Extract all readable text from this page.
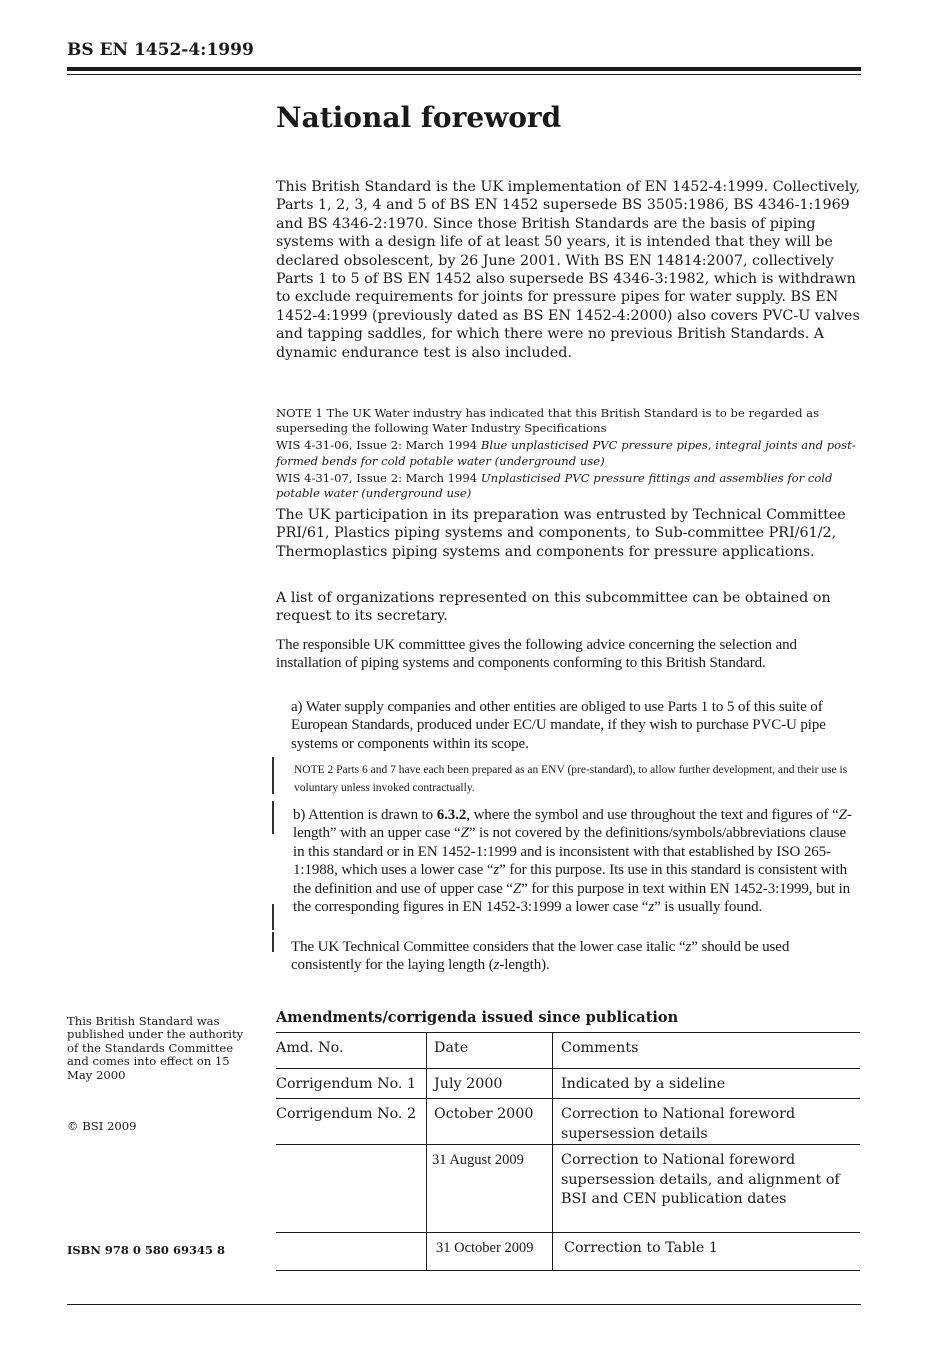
BS EN 1452-4:1999
National foreword

This British Standard is the UK implementation of EN 1452-4:1999. Collectively, Parts 1, 2, 3, 4 and 5 of BS EN 1452 supersede BS 3505:1986, BS 4346-1:1969 and BS 4346-2:1970. Since those British Standards are the basis of piping systems with a design life of at least 50 years, it is intended that they will be declared obsolescent, by 26 June 2001. With BS EN 14814:2007, collectively Parts 1 to 5 of BS EN 1452 also supersede BS 4346-3:1982, which is withdrawn to exclude requirements for joints for pressure pipes for water supply. BS EN 1452-4:1999 (previously dated as BS EN 1452-4:2000) also covers PVC-U valves and tapping saddles, for which there were no previous British Standards. A dynamic endurance test is also included.

NOTE 1 The UK Water industry has indicated that this British Standard is to be regarded as superseding the following Water Industry Specifications

WIS 4-31-06, Issue 2: March 1994 Blue unplasticised PVC pressure pipes, integral joints and post-formed bends for cold potable water (underground use)

WIS 4-31-07, Issue 2: March 1994 Unplasticised PVC pressure fittings and assemblies for cold potable water (underground use)

The UK participation in its preparation was entrusted by Technical Committee PRI/61, Plastics piping systems and components, to Sub-committee PRI/61/2, Thermoplastics piping systems and components for pressure applications.

A list of organizations represented on this subcommittee can be obtained on request to its secretary.

The responsible UK committtee gives the following advice concerning the selection and installation of piping systems and components conforming to this British Standard.

a) Water supply companies and other entities are obliged to use Parts 1 to 5 of this suite of European Standards, produced under EC/U mandate, if they wish to purchase PVC-U pipe systems or components within its scope.

NOTE 2 Parts 6 and 7 have each been prepared as an ENV (pre-standard), to allow further development, and their use is voluntary unless invoked contractually.

b) Attention is drawn to 6.3.2, where the symbol and use throughout the text and figures of “Z-length” with an upper case “Z” is not covered by the definitions/symbols/abbreviations clause in this standard or in EN 1452-1:1999 and is inconsistent with that established by ISO 265-1:1988, which uses a lower case “z” for this purpose. Its use in this standard is consistent with the definition and use of upper case “Z” for this purpose in text within EN 1452-3:1999, but in the corresponding figures in EN 1452-3:1999 a lower case “z” is usually found.

The UK Technical Committee considers that the lower case italic “z” should be used consistently for the laying length (z-length).

This British Standard was published under the authority of the Standards Committee and comes into effect on 15 May 2000
© BSI 2009
ISBN 978 0 580 69345 8
Amendments/corrigenda issued since publication
Amd. No.	Date	Comments
Corrigendum No. 1	July 2000	Indicated by a sideline
Corrigendum No. 2	October 2000	Correction to National foreword supersession details
	31 August 2009	Correction to National foreword supersession details, and alignment of BSI and CEN publication dates
	31 October 2009	Correction to Table 1
